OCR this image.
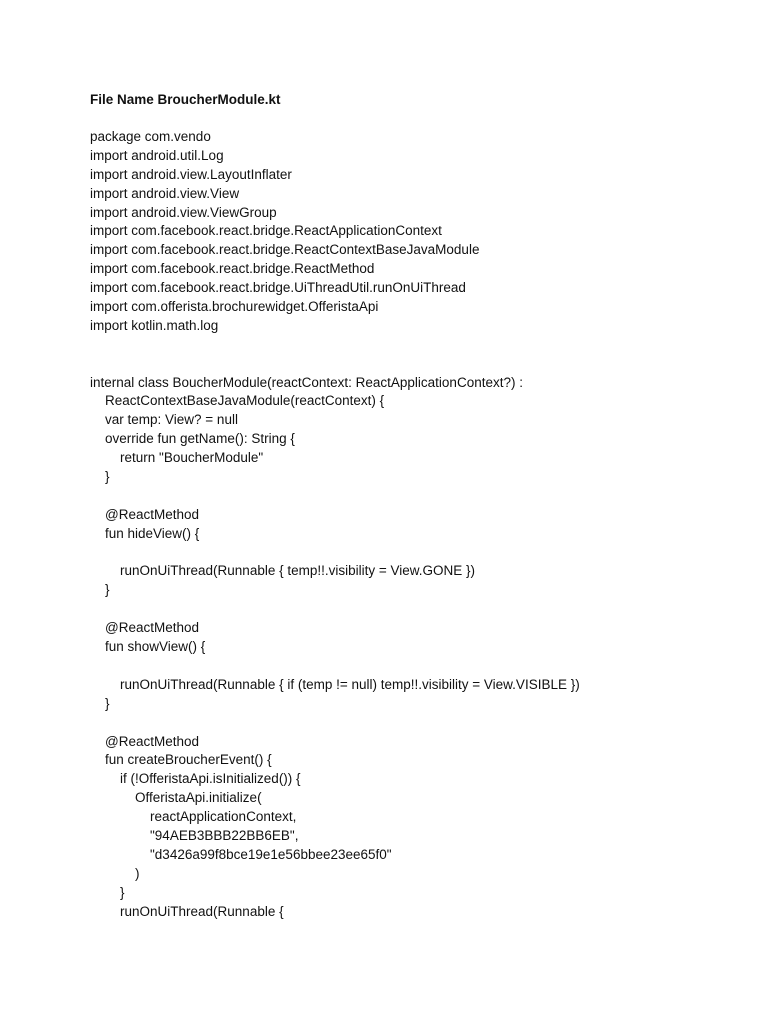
File Name BroucherModule.kt

package com.vendo
import android.util.Log
import android.view.LayoutInflater
import android.view.View
import android.view.ViewGroup
import com.facebook.react.bridge.ReactApplicationContext
import com.facebook.react.bridge.ReactContextBaseJavaModule
import com.facebook.react.bridge.ReactMethod
import com.facebook.react.bridge.UiThreadUtil.runOnUiThread
import com.offerista.brochurewidget.OfferistaApi
import kotlin.math.log
internal class BoucherModule(reactContext: ReactApplicationContext?) :
ReactContextBaseJavaModule(reactContext) {
var temp: View? = null
override fun getName(): String {
return "BoucherModule"
}
@ReactMethod
fun hideView() {
runOnUiThread(Runnable { temp!!.visibility = View.GONE })
}
@ReactMethod
fun showView() {
runOnUiThread(Runnable { if (temp != null) temp!!.visibility = View.VISIBLE })
}
@ReactMethod
fun createBroucherEvent() {
if (!OfferistaApi.isInitialized()) {
OfferistaApi.initialize(
reactApplicationContext,
"94AEB3BBB22BB6EB",
"d3426a99f8bce19e1e56bbee23ee65f0"
)
}
runOnUiThread(Runnable {
